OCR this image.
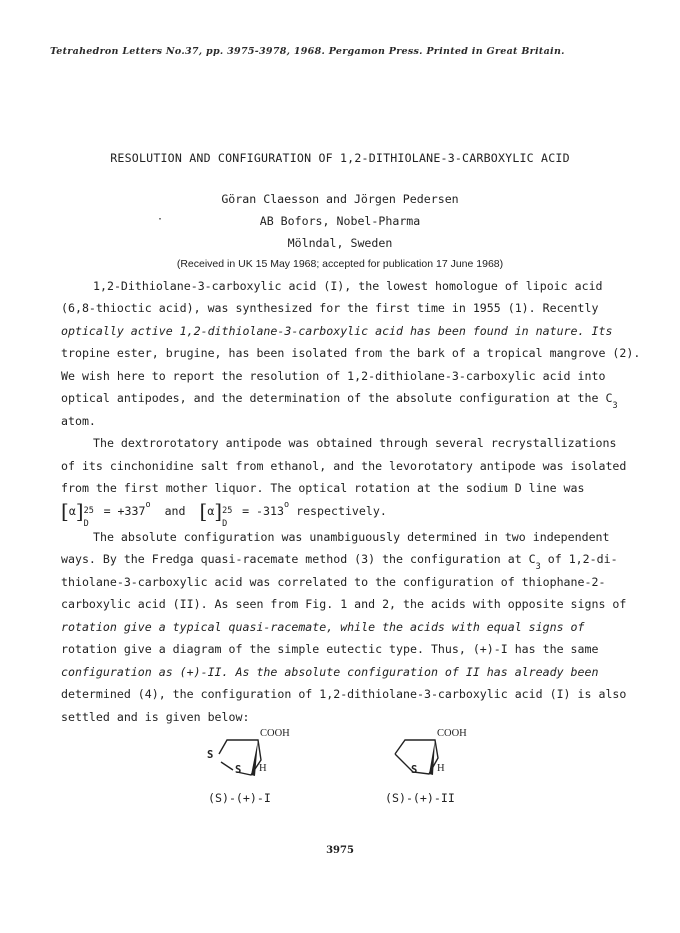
Tetrahedron Letters No.37, pp. 3975-3978, 1968. Pergamon Press. Printed in Great Britain.
RESOLUTION AND CONFIGURATION OF 1,2-DITHIOLANE-3-CARBOXYLIC ACID
Göran Claesson and Jörgen Pedersen
·	AB Bofors, Nobel-Pharma
Mölndal, Sweden
(Received in UK 15 May 1968; accepted for publication 17 June 1968)
1,2-Dithiolane-3-carboxylic acid (I), the lowest homologue of lipoic acid
(6,8-thioctic acid), was synthesized for the first time in 1955 (1). Recently
optically active 1,2-dithiolane-3-carboxylic acid has been found in nature. Its
tropine ester, brugine, has been isolated from the bark of a tropical mangrove (2).
We wish here to report the resolution of 1,2-dithiolane-3-carboxylic acid into
optical antipodes, and the determination of the absolute configuration at the $C_3$
atom.
The dextrorotatory antipode was obtained through several recrystallizations
of its cinchonidine salt from ethanol, and the levorotatory antipode was isolated
from the first mother liquor. The optical rotation at the sodium D line was
[α] 25
D
= $+337^o$ and [α] 25
D
= $-313^o$ respectively.
The absolute configuration was unambiguously determined in two independent
ways. By the Fredga quasi-racemate method (3) the configuration at $C_3$ of 1,2-di-
thiolane-3-carboxylic acid was correlated to the configuration of thiophane-2-
carboxylic acid (II). As seen from Fig. 1 and 2, the acids with opposite signs of
rotation give a typical quasi-racemate, while the acids with equal signs of
rotation give a diagram of the simple eutectic type. Thus, (+)-I has the same
configuration as (+)-II. As the absolute configuration of II has already been
determined (4), the configuration of 1,2-dithiolane-3-carboxylic acid (I) is also
settled and is given below:
COOH
S
S H
(S)-(+)-I
COOH
S H
(S)-(+)-II
3975
